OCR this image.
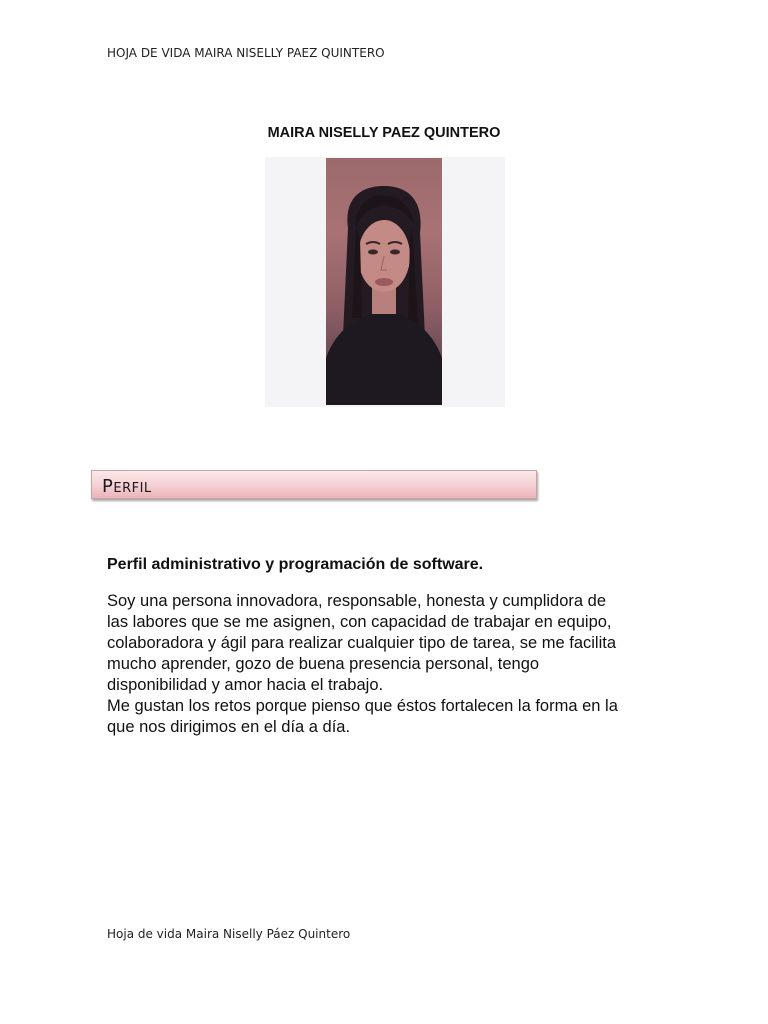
HOJA DE VIDA MAIRA NISELLY PAEZ QUINTERO
MAIRA NISELLY PAEZ QUINTERO
Perfil
Perfil administrativo y programación de software.
Soy una persona innovadora, responsable, honesta y cumplidora de
las labores que se me asignen, con capacidad de trabajar en equipo,
colaboradora y ágil para realizar cualquier tipo de tarea, se me facilita
mucho aprender, gozo de buena presencia personal, tengo
disponibilidad y amor hacia el trabajo.
Me gustan los retos porque pienso que éstos fortalecen la forma en la
que nos dirigimos en el día a día.
Hoja de vida Maira Niselly Páez Quintero
